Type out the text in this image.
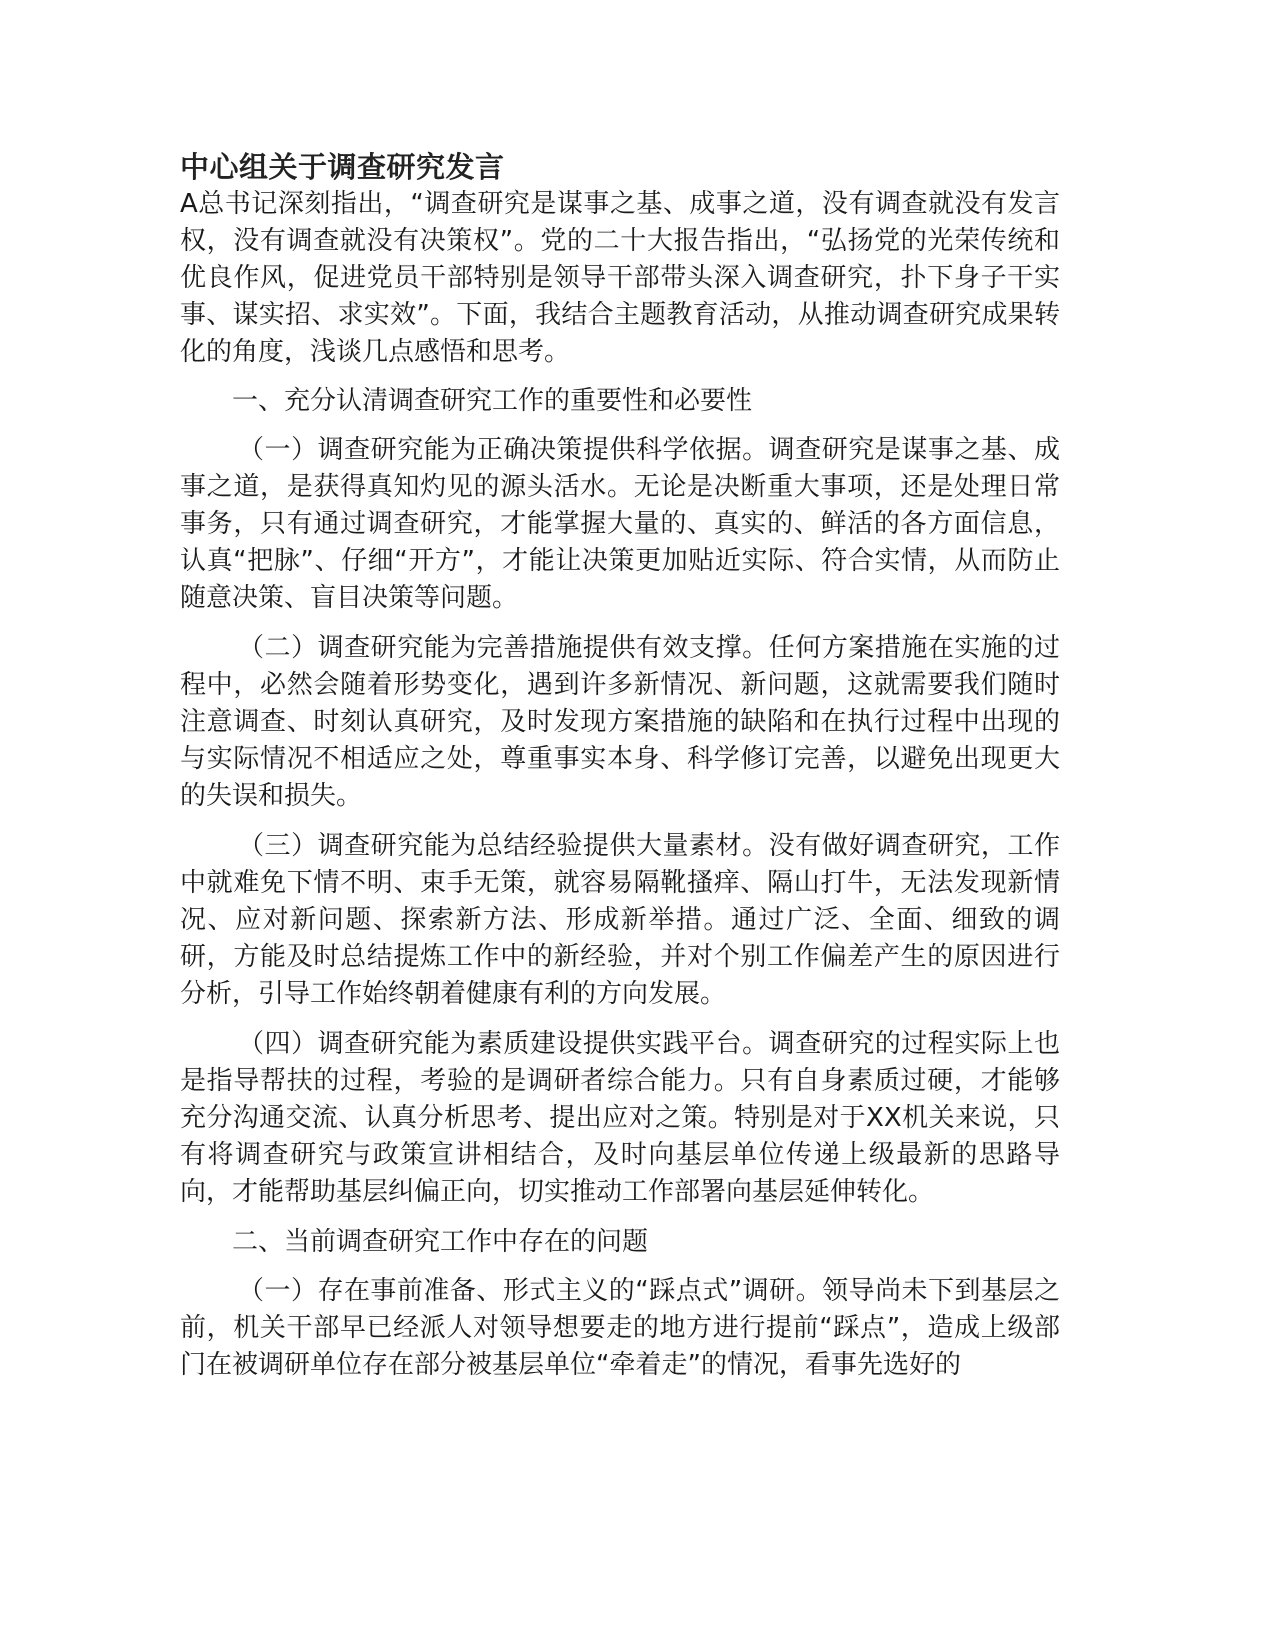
中心组关于调查研究发言

A总书记深刻指出，“调查研究是谋事之基、成事之道，没有调查就没有发言权，没有调查就没有决策权”。党的二十大报告指出，“弘扬党的光荣传统和优良作风，促进党员干部特别是领导干部带头深入调查研究，扑下身子干实事、谋实招、求实效”。下面，我结合主题教育活动，从推动调查研究成果转化的角度，浅谈几点感悟和思考。

一、充分认清调查研究工作的重要性和必要性

（一）调查研究能为正确决策提供科学依据。调查研究是谋事之基、成事之道，是获得真知灼见的源头活水。无论是决断重大事项，还是处理日常事务，只有通过调查研究，才能掌握大量的、真实的、鲜活的各方面信息，认真“把脉”、仔细“开方”，才能让决策更加贴近实际、符合实情，从而防止随意决策、盲目决策等问题。

（二）调查研究能为完善措施提供有效支撑。任何方案措施在实施的过程中，必然会随着形势变化，遇到许多新情况、新问题，这就需要我们随时注意调查、时刻认真研究，及时发现方案措施的缺陷和在执行过程中出现的与实际情况不相适应之处，尊重事实本身、科学修订完善，以避免出现更大的失误和损失。

（三）调查研究能为总结经验提供大量素材。没有做好调查研究，工作中就难免下情不明、束手无策，就容易隔靴搔痒、隔山打牛，无法发现新情况、应对新问题、探索新方法、形成新举措。通过广泛、全面、细致的调研，方能及时总结提炼工作中的新经验，并对个别工作偏差产生的原因进行分析，引导工作始终朝着健康有利的方向发展。

（四）调查研究能为素质建设提供实践平台。调查研究的过程实际上也是指导帮扶的过程，考验的是调研者综合能力。只有自身素质过硬，才能够充分沟通交流、认真分析思考、提出应对之策。特别是对于XX机关来说，只有将调查研究与政策宣讲相结合，及时向基层单位传递上级最新的思路导向，才能帮助基层纠偏正向，切实推动工作部署向基层延伸转化。

二、当前调查研究工作中存在的问题

（一）存在事前准备、形式主义的“踩点式”调研。领导尚未下到基层之前，机关干部早已经派人对领导想要走的地方进行提前“踩点”，造成上级部门在被调研单位存在部分被基层单位“牵着走”的情况，看事先选好的
